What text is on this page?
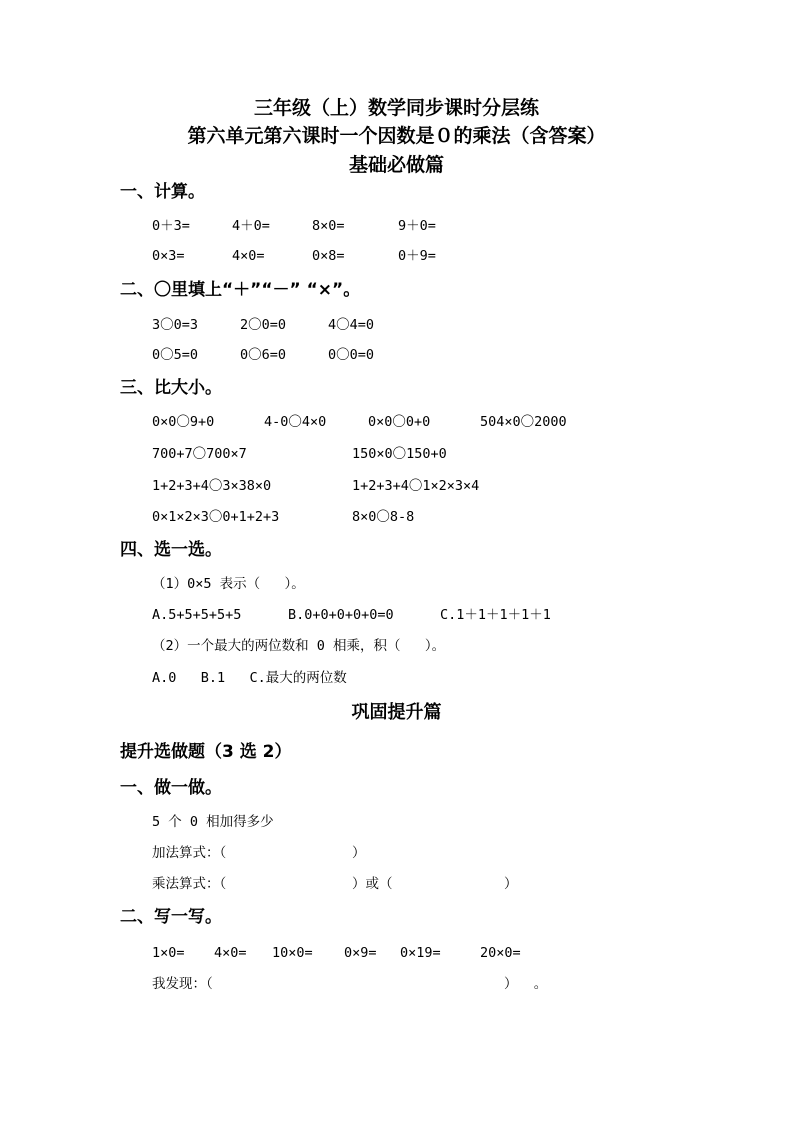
三年级（上）数学同步课时分层练
第六单元第六课时一个因数是０的乘法（含答案）
基础必做篇
一、计算。
0＋3=	4＋0=	8×0=	9＋0=
0×3=	4×0=	0×8=	0＋9=
二、〇里填上“＋”“－” “×”。
3〇0=3	2〇0=0	4〇4=0
0〇5=0	0〇6=0	0〇0=0
三、比大小。
0×0〇9+0	4-0〇4×0	0×0〇0+0	504×0〇2000
700+7〇700×7	150×0〇150+0
1+2+3+4〇3×38×0	1+2+3+4〇1×2×3×4
0×1×2×3〇0+1+2+3	8×0〇8-8
四、选一选。
（1）0×5 表示（   ）。
A.5+5+5+5+5	B.0+0+0+0+0=0	C.1＋1＋1＋1＋1
（2）一个最大的两位数和 0 相乘，积（   ）。
A.0   B.1   C.最大的两位数
巩固提升篇
提升选做题（3 选 2）
一、做一做。
5 个 0 相加得多少
加法算式：（	）
乘法算式：（	）或（	）
二、写一写。
1×0= 4×0= 10×0= 0×9= 0×19=	20×0=
我发现：（	）  。
